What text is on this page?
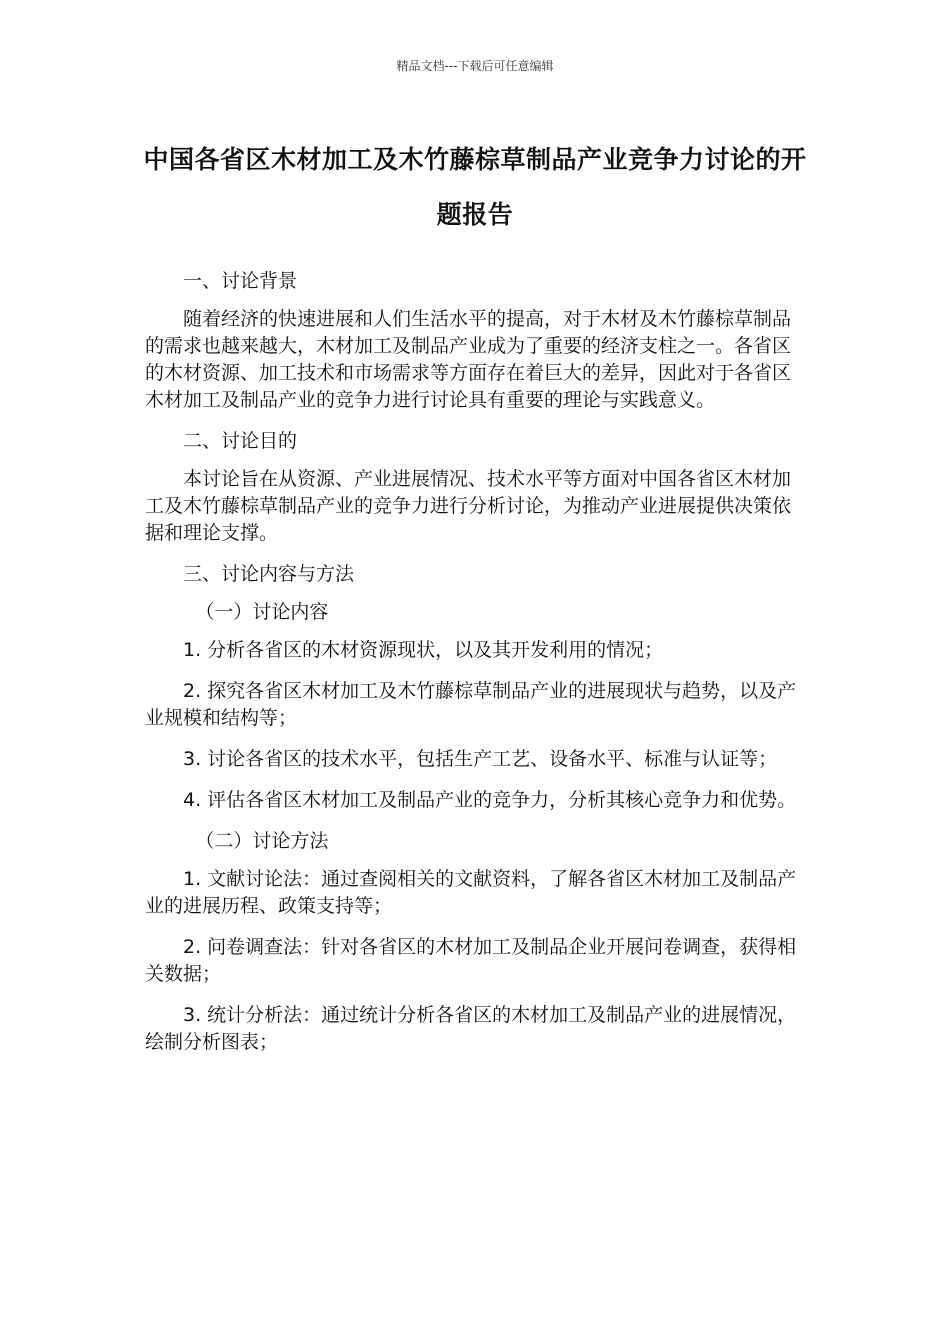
精品文档---下载后可任意编辑
中国各省区木材加工及木竹藤棕草制品产业竞争力讨论的开题报告

一、讨论背景

随着经济的快速进展和人们生活水平的提高，对于木材及木竹藤棕草制品的需求也越来越大，木材加工及制品产业成为了重要的经济支柱之一。各省区的木材资源、加工技术和市场需求等方面存在着巨大的差异，因此对于各省区木材加工及制品产业的竞争力进行讨论具有重要的理论与实践意义。

二、讨论目的

本讨论旨在从资源、产业进展情况、技术水平等方面对中国各省区木材加工及木竹藤棕草制品产业的竞争力进行分析讨论，为推动产业进展提供决策依据和理论支撑。

三、讨论内容与方法

（一）讨论内容

1. 分析各省区的木材资源现状，以及其开发利用的情况；

2. 探究各省区木材加工及木竹藤棕草制品产业的进展现状与趋势，以及产业规模和结构等；

3. 讨论各省区的技术水平，包括生产工艺、设备水平、标准与认证等；

4. 评估各省区木材加工及制品产业的竞争力，分析其核心竞争力和优势。

（二）讨论方法

1. 文献讨论法：通过查阅相关的文献资料，了解各省区木材加工及制品产业的进展历程、政策支持等；

2. 问卷调查法：针对各省区的木材加工及制品企业开展问卷调查，获得相关数据；

3. 统计分析法：通过统计分析各省区的木材加工及制品产业的进展情况，绘制分析图表；
